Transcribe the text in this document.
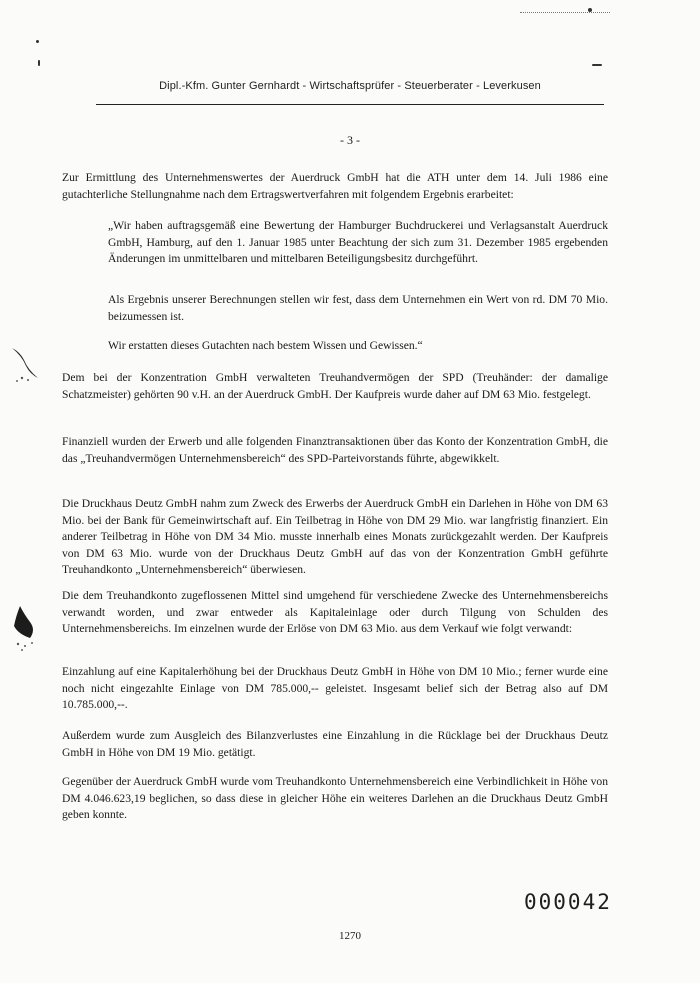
Dipl.-Kfm. Gunter Gernhardt - Wirtschaftsprüfer - Steuerberater - Leverkusen
- 3 -

Zur Ermittlung des Unternehmenswertes der Auerdruck GmbH hat die ATH unter dem 14. Juli 1986 eine gutachterliche Stellungnahme nach dem Ertragswertverfahren mit folgendem Ergebnis erarbeitet:

„Wir haben auftragsgemäß eine Bewertung der Hamburger Buchdruckerei und Verlagsanstalt Auerdruck GmbH, Hamburg, auf den 1. Januar 1985 unter Beachtung der sich zum 31. Dezember 1985 ergebenden Änderungen im unmittelbaren und mittelbaren Beteiligungsbesitz durchgeführt.

Als Ergebnis unserer Berechnungen stellen wir fest, dass dem Unternehmen ein Wert von rd. DM 70 Mio. beizumessen ist.

Wir erstatten dieses Gutachten nach bestem Wissen und Gewissen.“

Dem bei der Konzentration GmbH verwalteten Treuhandvermögen der SPD (Treuhänder: der damalige Schatzmeister) gehörten 90 v.H. an der Auerdruck GmbH. Der Kaufpreis wurde daher auf DM 63 Mio. festgelegt.

Finanziell wurden der Erwerb und alle folgenden Finanztransaktionen über das Konto der Konzentration GmbH, die das „Treuhandvermögen Unternehmensbereich“ des SPD-Parteivorstands führte, abgewikkelt.

Die Druckhaus Deutz GmbH nahm zum Zweck des Erwerbs der Auerdruck GmbH ein Darlehen in Höhe von DM 63 Mio. bei der Bank für Gemeinwirtschaft auf. Ein Teilbetrag in Höhe von DM 29 Mio. war langfristig finanziert. Ein anderer Teilbetrag in Höhe von DM 34 Mio. musste innerhalb eines Monats zurückgezahlt werden. Der Kaufpreis von DM 63 Mio. wurde von der Druckhaus Deutz GmbH auf das von der Konzentration GmbH geführte Treuhandkonto „Unternehmensbereich“ überwiesen.

Die dem Treuhandkonto zugeflossenen Mittel sind umgehend für verschiedene Zwecke des Unternehmensbereichs verwandt worden, und zwar entweder als Kapitaleinlage oder durch Tilgung von Schulden des Unternehmensbereichs. Im einzelnen wurde der Erlöse von DM 63 Mio. aus dem Verkauf wie folgt verwandt:

Einzahlung auf eine Kapitalerhöhung bei der Druckhaus Deutz GmbH in Höhe von DM 10 Mio.; ferner wurde eine noch nicht eingezahlte Einlage von DM 785.000,-- geleistet. Insgesamt belief sich der Betrag also auf DM 10.785.000,--.

Außerdem wurde zum Ausgleich des Bilanzverlustes eine Einzahlung in die Rücklage bei der Druckhaus Deutz GmbH in Höhe von DM 19 Mio. getätigt.

Gegenüber der Auerdruck GmbH wurde vom Treuhandkonto Unternehmensbereich eine Verbindlichkeit in Höhe von DM 4.046.623,19 beglichen, so dass diese in gleicher Höhe ein weiteres Darlehen an die Druckhaus Deutz GmbH geben konnte.

000042
1270
